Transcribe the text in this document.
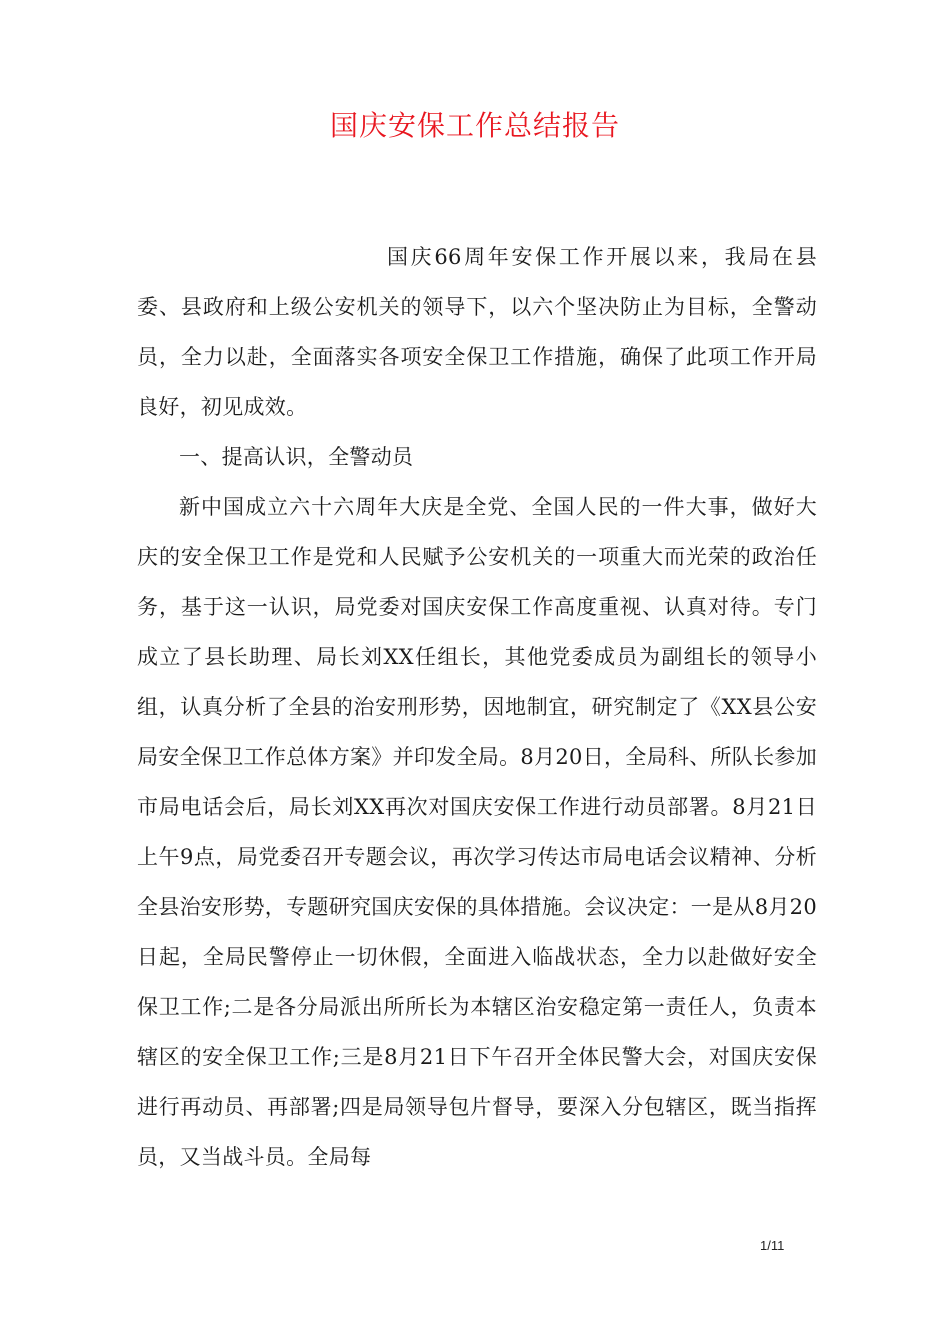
国庆安保工作总结报告

国庆66周年安保工作开展以来，我局在县委、县政府和上级公安机关的领导下，以六个坚决防止为目标，全警动员，全力以赴，全面落实各项安全保卫工作措施，确保了此项工作开局良好，初见成效。

一、提高认识，全警动员

新中国成立六十六周年大庆是全党、全国人民的一件大事，做好大庆的安全保卫工作是党和人民赋予公安机关的一项重大而光荣的政治任务，基于这一认识，局党委对国庆安保工作高度重视、认真对待。专门成立了县长助理、局长刘XX任组长，其他党委成员为副组长的领导小组，认真分析了全县的治安刑形势，因地制宜，研究制定了《XX县公安局安全保卫工作总体方案》并印发全局。8月20日，全局科、所队长参加市局电话会后，局长刘XX再次对国庆安保工作进行动员部署。8月21日上午9点，局党委召开专题会议，再次学习传达市局电话会议精神、分析全县治安形势，专题研究国庆安保的具体措施。会议决定：一是从8月20日起，全局民警停止一切休假，全面进入临战状态，全力以赴做好安全保卫工作;二是各分局派出所所长为本辖区治安稳定第一责任人，负责本辖区的安全保卫工作;三是8月21日下午召开全体民警大会，对国庆安保进行再动员、再部署;四是局领导包片督导，要深入分包辖区，既当指挥员，又当战斗员。全局每

1/11
